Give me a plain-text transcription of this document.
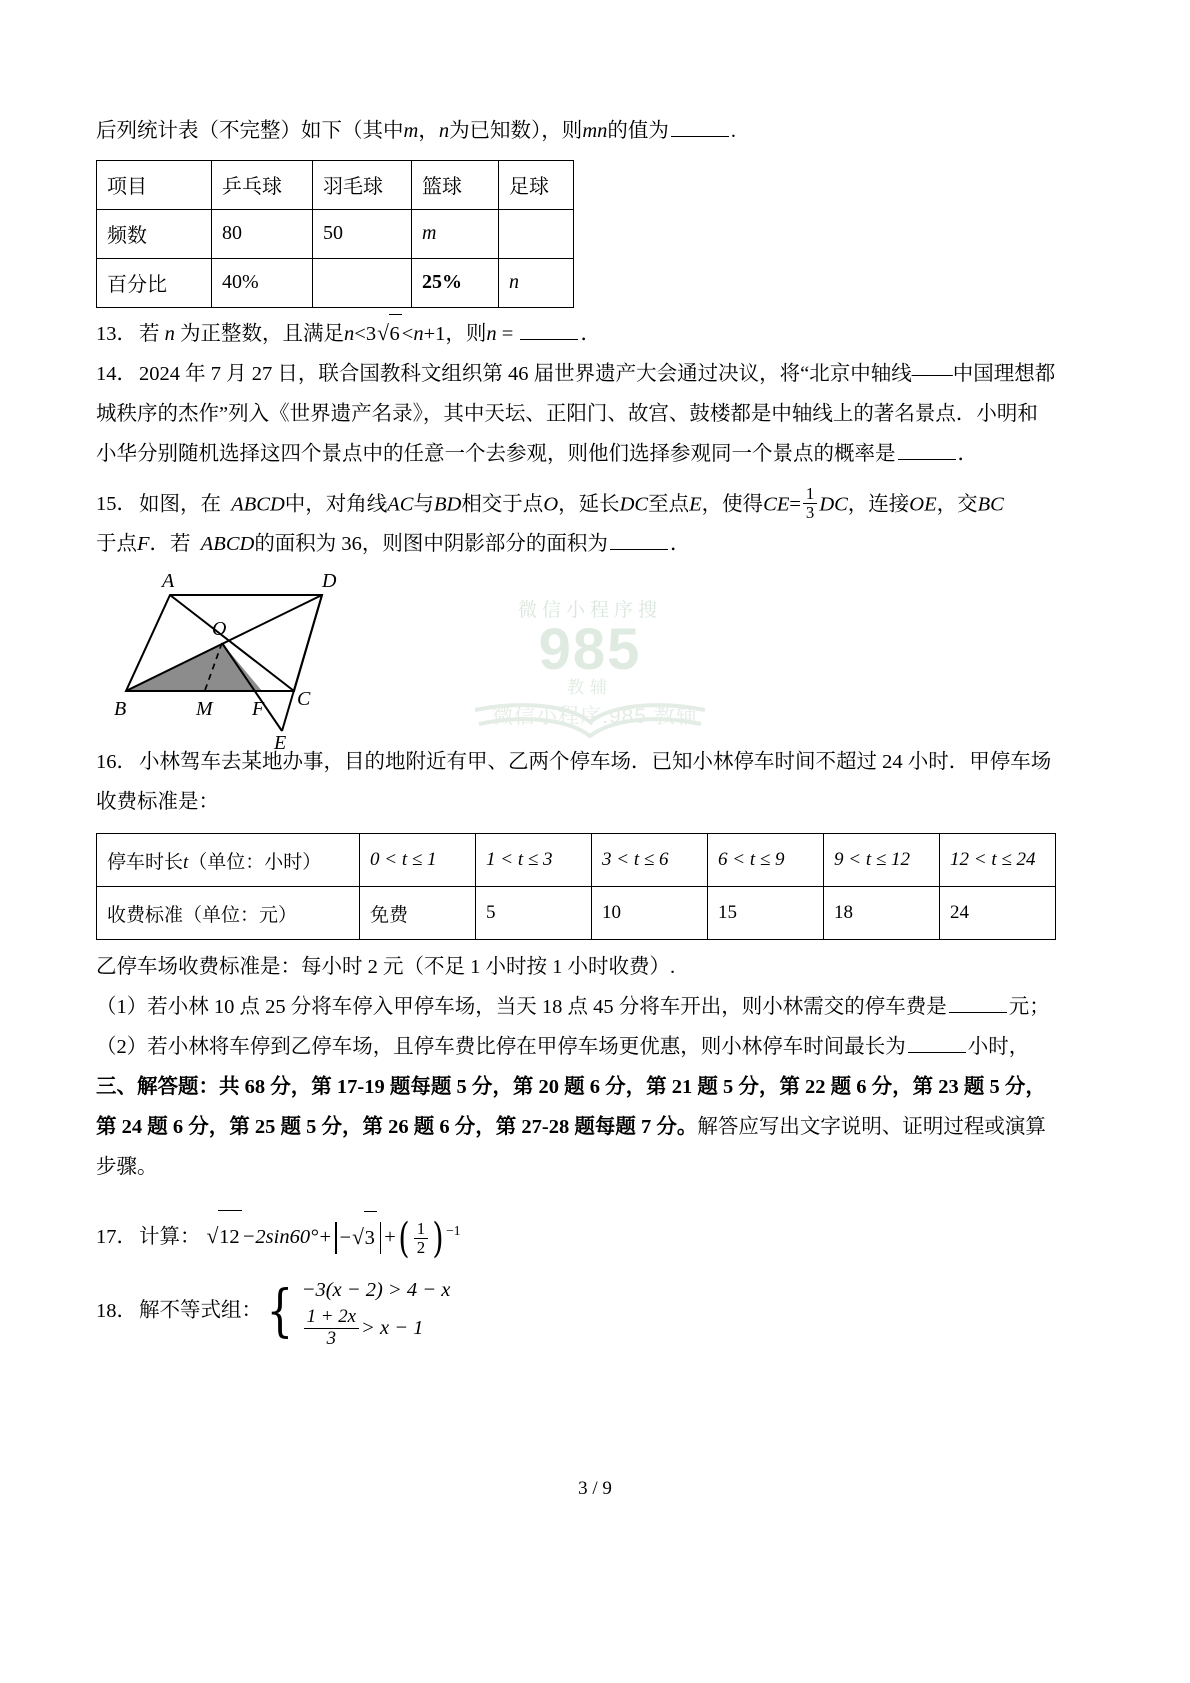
微信小程序搜
985
教辅
微信小程序:985 教辅
后列统计表（不完整）如下（其中m，n为已知数），则mn的值为	.
项目	乒乓球	羽毛球	篮球	足球
频数	80	50	m	
百分比	40%		25%	n
13．若 n 为正整数，且满足n<3 √ 6<n+1，则n =	．
14．2024 年 7 月 27 日，联合国教科文组织第 46 届世界遗产大会通过决议，将“北京中轴线——中国理想都
城秩序的杰作”列入《世界遗产名录》，其中天坛、正阳门、故宫、鼓楼都是中轴线上的著名景点．小明和
小华分别随机选择这四个景点中的任意一个去参观，则他们选择参观同一个景点的概率是	．
15．如图，在 ABCD中，对角线AC与BD相交于点O，延长DC至点E，使得$CE= \frac{1}{3}$ DC，连接OE，交BC
于点F．若 ABCD的面积为 36，则图中阴影部分的面积为	．
A	D
O
B	M F C
E
16．小林驾车去某地办事，目的地附近有甲、乙两个停车场．已知小林停车时间不超过 24 小时．甲停车场
收费标准是：
停车时长t（单位：小时）	0 < t ≤ 1	1 < t ≤ 3	3 < t ≤ 6	6 < t ≤ 9	9 < t ≤ 12	12 < t ≤ 24
收费标准（单位：元）	免费	5	10	15	18	24
乙停车场收费标准是：每小时 2 元（不足 1 小时按 1 小时收费）.
（1）若小林 10 点 25 分将车停入甲停车场，当天 18 点 45 分将车开出，则小林需交的停车费是	元；
（2）若小林将车停到乙停车场，且停车费比停在甲停车场更优惠，则小林停车时间最长为	小时，
三、解答题：共 68 分，第 17-19 题每题 5 分，第 20 题 6 分，第 21 题 5 分，第 22 题 6 分，第 23 题 5 分，
第 24 题 6 分，第 25 题 5 分，第 26 题 6 分，第 27-28 题每题 7 分。解答应写出文字说明、证明过程或演算
步骤。
17．计算： √ 12−2sin60°+ − √ 3 + ( $\frac{1}{2}$ ) $^{-1}$
18．解不等式组： { −3(x − 2) > 4 − x
$\frac{1 + 2x}{3} > x - 1$
3 / 9
